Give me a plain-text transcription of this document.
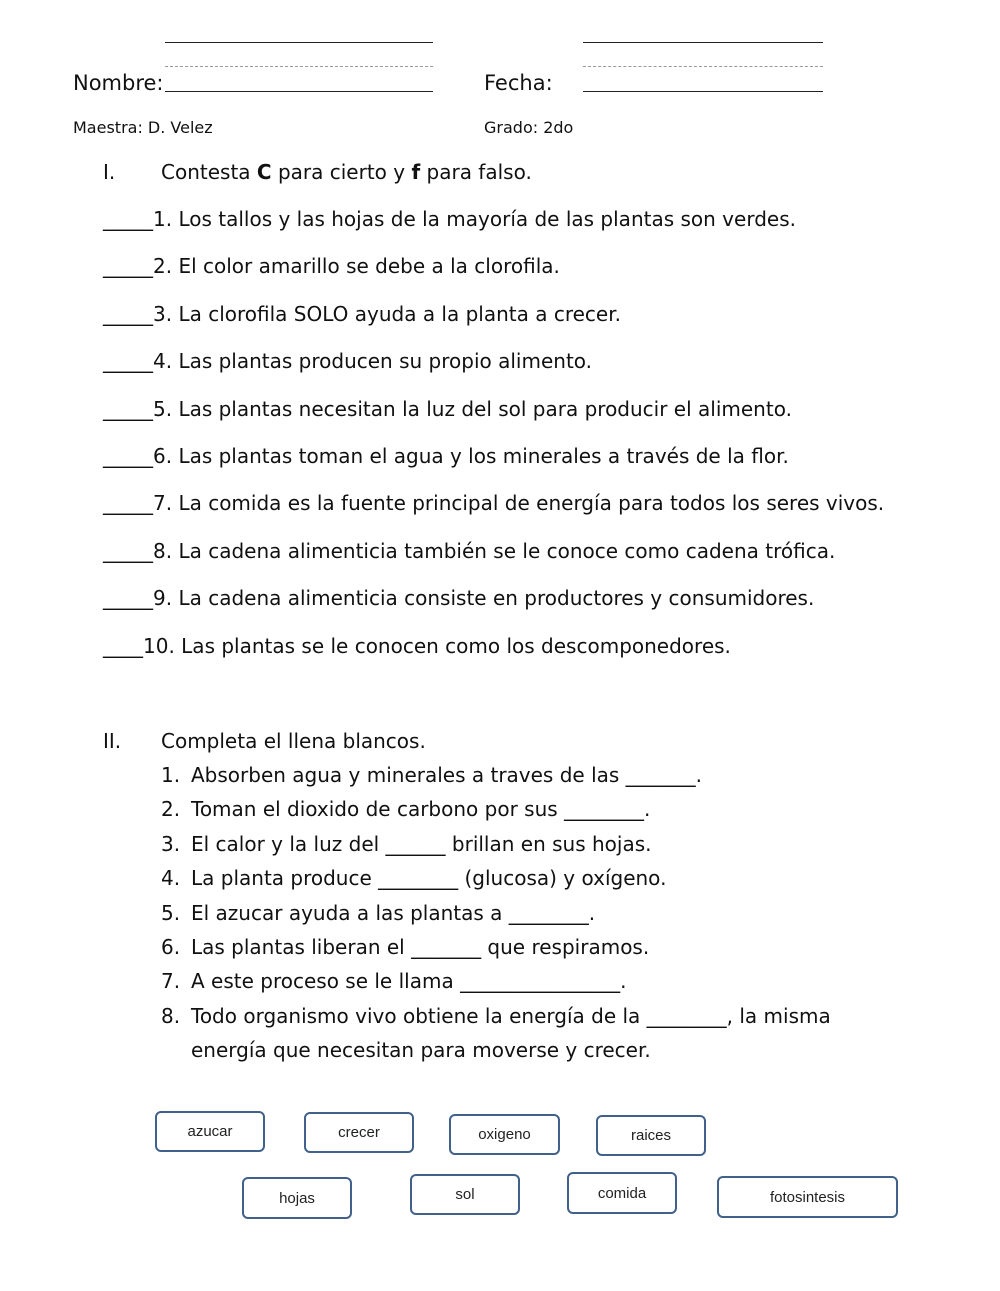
Nombre:	Fecha:
Maestra: D. Velez	Grado: 2do
I. Contesta C para cierto y f para falso.
_____1. Los tallos y las hojas de la mayoría de las plantas son verdes.
_____2. El color amarillo se debe a la clorofila.
_____3. La clorofila SOLO ayuda a la planta a crecer.
_____4. Las plantas producen su propio alimento.
_____5. Las plantas necesitan la luz del sol para producir el alimento.
_____6. Las plantas toman el agua y los minerales a través de la flor.
_____7. La comida es la fuente principal de energía para todos los seres vivos.
_____8. La cadena alimenticia también se le conoce como cadena trófica.
_____9. La cadena alimenticia consiste en productores y consumidores.
____10. Las plantas se le conocen como los descomponedores.
II. Completa el llena blancos.
1. Absorben agua y minerales a traves de las _______.
2. Toman el dioxido de carbono por sus ________.
3. El calor y la luz del ______ brillan en sus hojas.
4. La planta produce ________ (glucosa) y oxígeno.
5. El azucar ayuda a las plantas a ________.
6. Las plantas liberan el _______ que respiramos.
7. A este proceso se le llama ________________.
8. Todo organismo vivo obtiene la energía de la ________, la misma
energía que necesitan para moverse y crecer.
azucar	crecer	oxigeno	raices
hojas	sol	comida	fotosintesis
